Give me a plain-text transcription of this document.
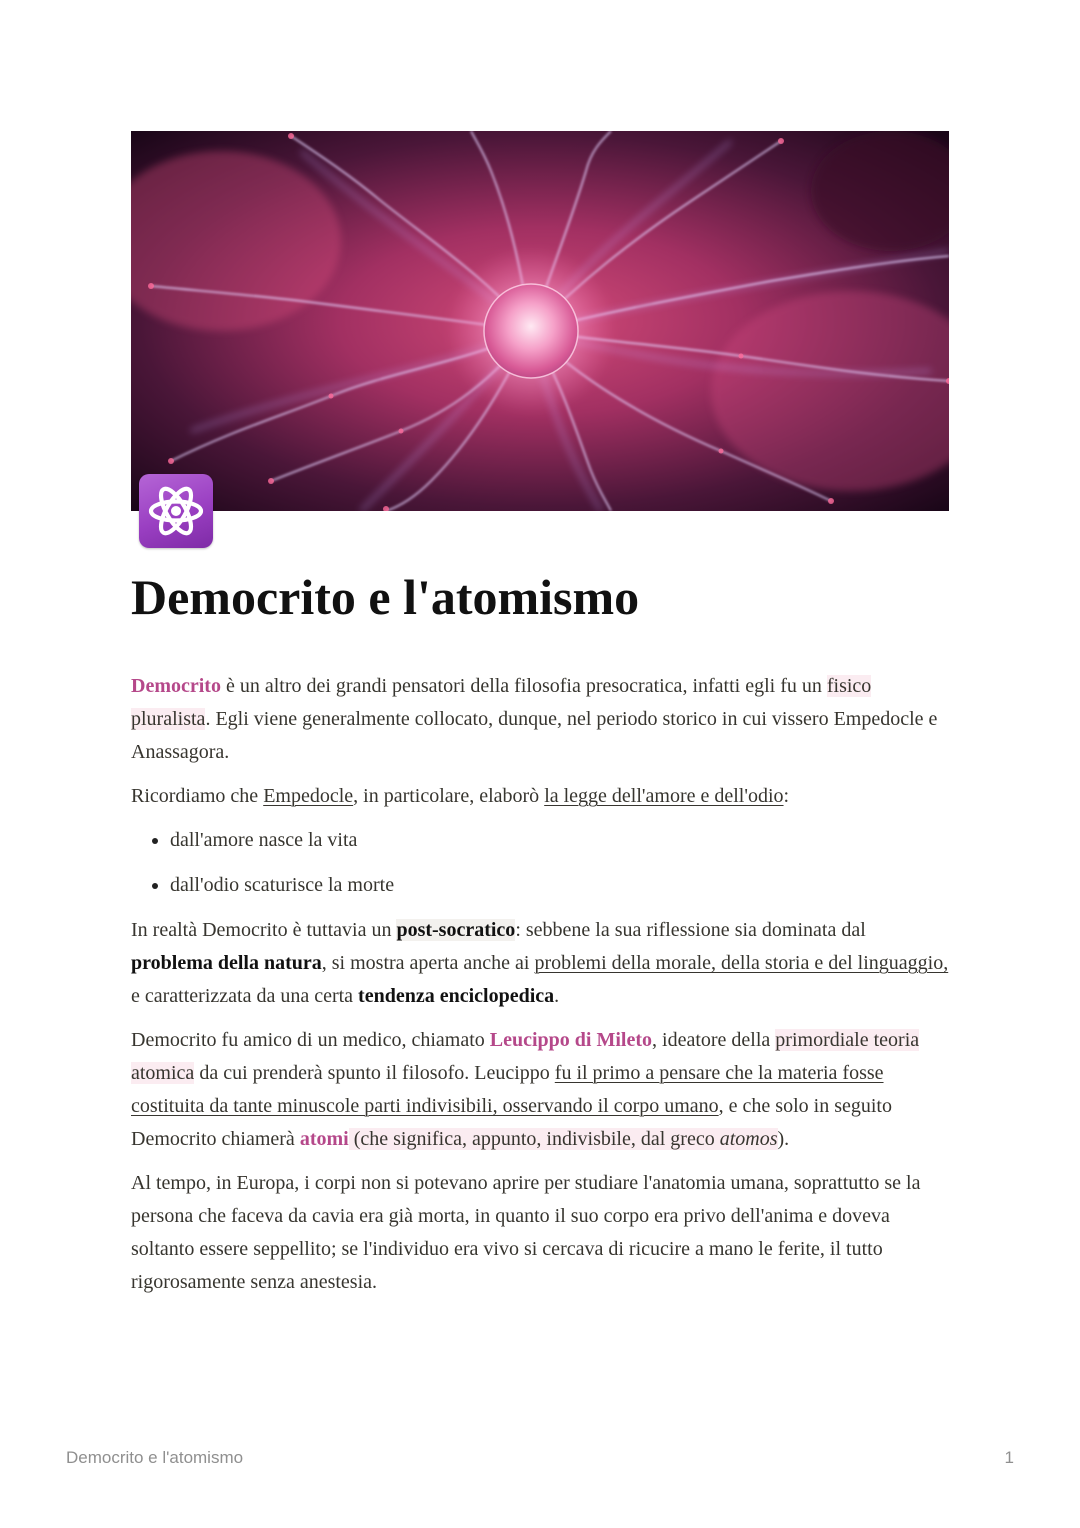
Democrito e l'atomismo

Democrito è un altro dei grandi pensatori della filosofia presocratica, infatti egli fu un fisico pluralista. Egli viene generalmente collocato, dunque, nel periodo storico in cui vissero Empedocle e Anassagora.

Ricordiamo che Empedocle, in particolare, elaborò la legge dell'amore e dell'odio:

• dall'amore nasce la vita
• dall'odio scaturisce la morte

In realtà Democrito è tuttavia un post-socratico: sebbene la sua riflessione sia dominata dal problema della natura, si mostra aperta anche ai problemi della morale, della storia e del linguaggio, e caratterizzata da una certa tendenza enciclopedica.

Democrito fu amico di un medico, chiamato Leucippo di Mileto, ideatore della primordiale teoria atomica da cui prenderà spunto il filosofo. Leucippo fu il primo a pensare che la materia fosse costituita da tante minuscole parti indivisibili, osservando il corpo umano, e che solo in seguito Democrito chiamerà atomi (che significa, appunto, indivisbile, dal greco atomos).

Al tempo, in Europa, i corpi non si potevano aprire per studiare l'anatomia umana, soprattutto se la persona che faceva da cavia era già morta, in quanto il suo corpo era privo dell'anima e doveva soltanto essere seppellito; se l'individuo era vivo si cercava di ricucire a mano le ferite, il tutto rigorosamente senza anestesia.

Democrito e l'atomismo	1
